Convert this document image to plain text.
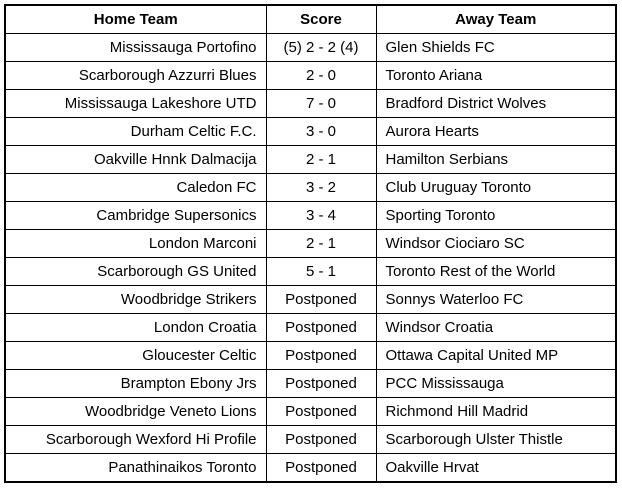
Home Team	Score	Away Team
Mississauga Portofino	(5) 2 - 2 (4)	Glen Shields FC
Scarborough Azzurri Blues	2 - 0	Toronto Ariana
Mississauga Lakeshore UTD	7 - 0	Bradford District Wolves
Durham Celtic F.C.	3 - 0	Aurora Hearts
Oakville Hnnk Dalmacija	2 - 1	Hamilton Serbians
Caledon FC	3 - 2	Club Uruguay Toronto
Cambridge Supersonics	3 - 4	Sporting Toronto
London Marconi	2 - 1	Windsor Ciociaro SC
Scarborough GS United	5 - 1	Toronto Rest of the World
Woodbridge Strikers	Postponed	Sonnys Waterloo FC
London Croatia	Postponed	Windsor Croatia
Gloucester Celtic	Postponed	Ottawa Capital United MP
Brampton Ebony Jrs	Postponed	PCC Mississauga
Woodbridge Veneto Lions	Postponed	Richmond Hill Madrid
Scarborough Wexford Hi Profile	Postponed	Scarborough Ulster Thistle
Panathinaikos Toronto	Postponed	Oakville Hrvat
